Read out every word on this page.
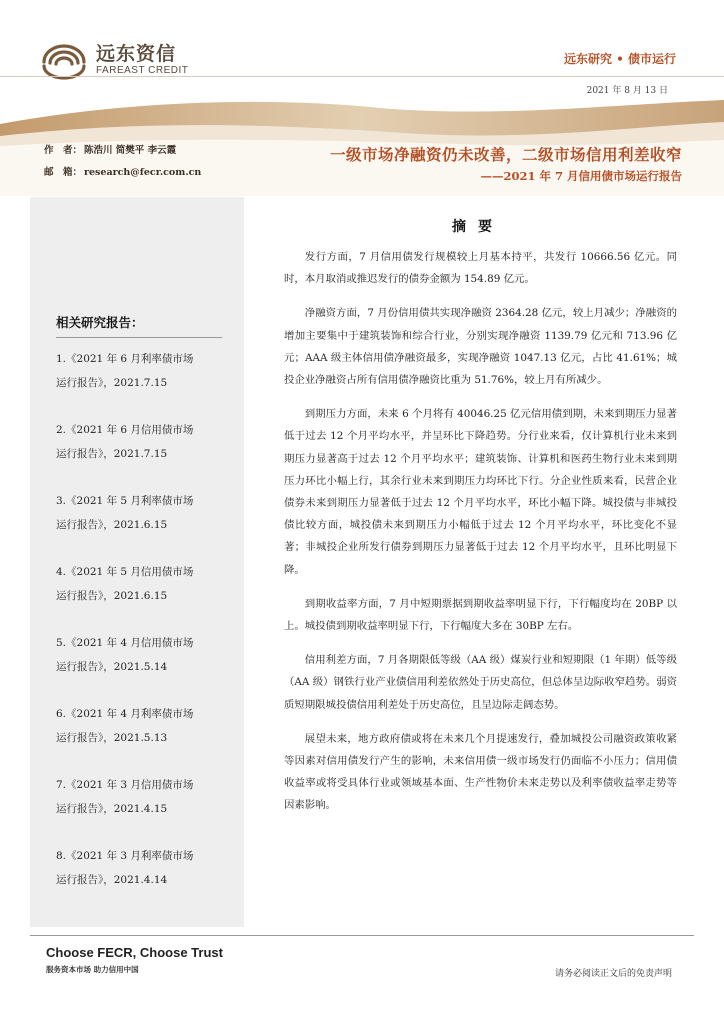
远东资信
FAREAST CREDIT
远东研究 • 债市运行
2021 年 8 月 13 日
作　者： 陈浩川 简樊平 李云霞
邮　箱： research@fecr.com.cn
一级市场净融资仍未改善，二级市场信用利差收窄
——2021 年 7 月信用债市场运行报告
相关研究报告：
1.《2021 年 6 月利率债市场
运行报告》，2021.7.15
2.《2021 年 6 月信用债市场
运行报告》，2021.7.15
3.《2021 年 5 月利率债市场
运行报告》，2021.6.15
4.《2021 年 5 月信用债市场
运行报告》，2021.6.15
5.《2021 年 4 月信用债市场
运行报告》，2021.5.14
6.《2021 年 4 月利率债市场
运行报告》，2021.5.13
7.《2021 年 3 月信用债市场
运行报告》，2021.4.15
8.《2021 年 3 月利率债市场
运行报告》，2021.4.14
摘要

发行方面，7 月信用债发行规模较上月基本持平，共发行 10666.56 亿元。同时，本月取消或推迟发行的债券金额为 154.89 亿元。

净融资方面，7 月份信用债共实现净融资 2364.28 亿元，较上月减少；净融资的增加主要集中于建筑装饰和综合行业，分别实现净融资 1139.79 亿元和 713.96 亿元；AAA 级主体信用债净融资最多，实现净融资 1047.13 亿元，占比 41.61%；城投企业净融资占所有信用债净融资比重为 51.76%，较上月有所减少。

到期压力方面，未来 6 个月将有 40046.25 亿元信用债到期，未来到期压力显著低于过去 12 个月平均水平，并呈环比下降趋势。分行业来看，仅计算机行业未来到期压力显著高于过去 12 个月平均水平；建筑装饰、计算机和医药生物行业未来到期压力环比小幅上行，其余行业未来到期压力均环比下行。分企业性质来看，民营企业债券未来到期压力显著低于过去 12 个月平均水平，环比小幅下降。城投债与非城投债比较方面，城投债未来到期压力小幅低于过去 12 个月平均水平，环比变化不显著；非城投企业所发行债券到期压力显著低于过去 12 个月平均水平，且环比明显下降。

到期收益率方面，7 月中短期票据到期收益率明显下行，下行幅度均在 20BP 以上。城投债到期收益率明显下行，下行幅度大多在 30BP 左右。

信用利差方面，7 月各期限低等级（AA 级）煤炭行业和短期限（1 年期）低等级（AA 级）钢铁行业产业债信用利差依然处于历史高位，但总体呈边际收窄趋势。弱资质短期限城投债信用利差处于历史高位，且呈边际走阔态势。

展望未来，地方政府债或将在未来几个月提速发行，叠加城投公司融资政策收紧等因素对信用债发行产生的影响，未来信用债一级市场发行仍面临不小压力；信用债收益率或将受具体行业或领域基本面、生产性物价未来走势以及利率债收益率走势等因素影响。

Choose FECR, Choose Trust
服务资本市场 助力信用中国	请务必阅读正文后的免责声明
